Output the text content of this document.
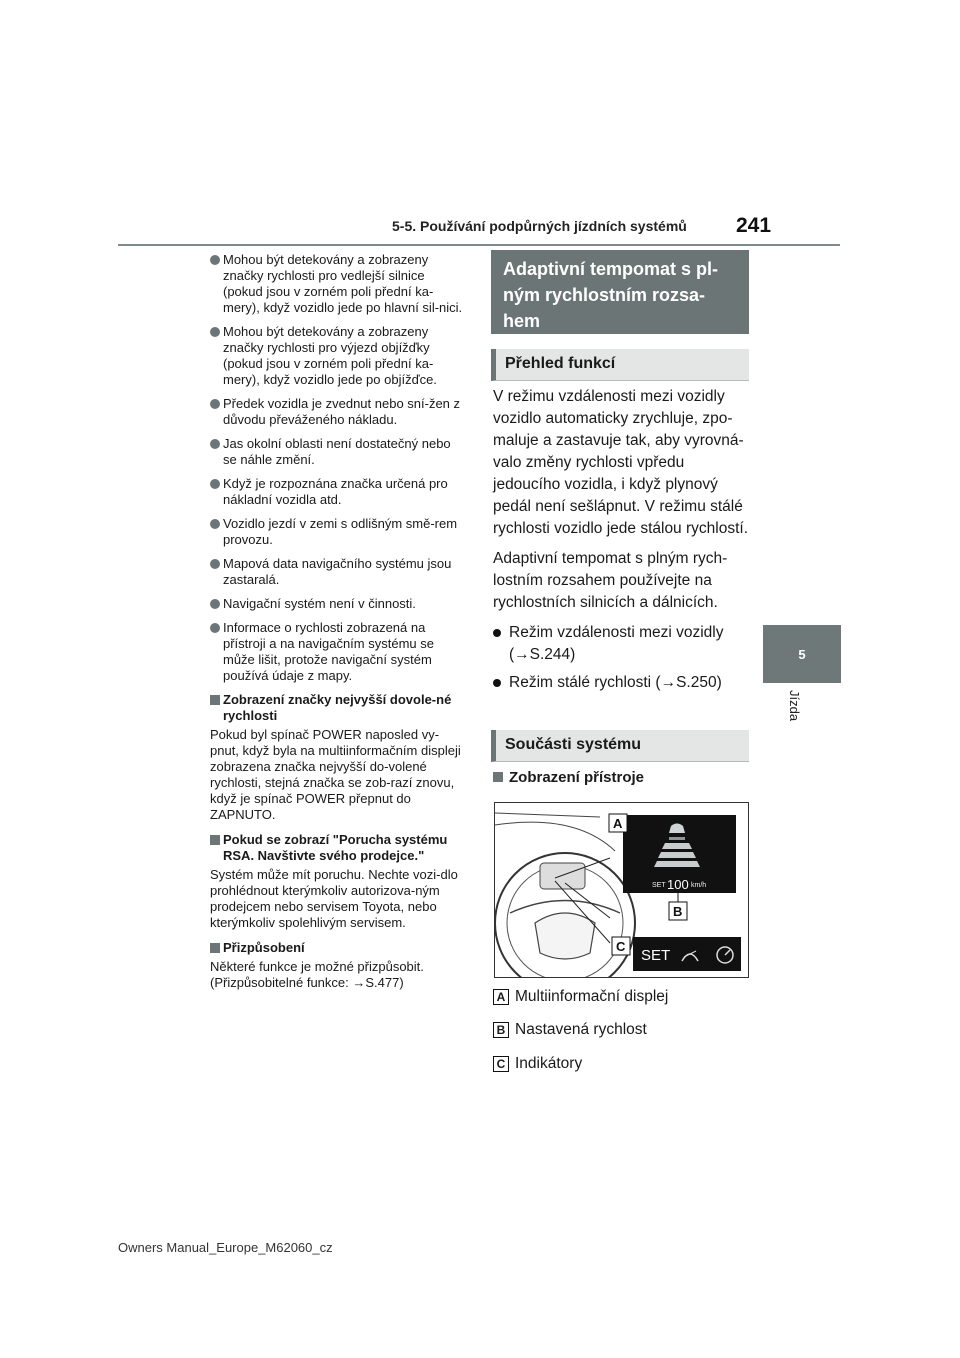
5-5. Používání podpůrných jízdních systémů 241
5
Jízda
Mohou být detekovány a zobrazeny značky rychlosti pro vedlejší silnice (pokud jsou v zorném poli přední ka-mery), když vozidlo jede po hlavní sil-nici.
Mohou být detekovány a zobrazeny značky rychlosti pro výjezd objížďky (pokud jsou v zorném poli přední ka-mery), když vozidlo jede po objížďce.
Předek vozidla je zvednut nebo sní-žen z důvodu převáženého nákladu.
Jas okolní oblasti není dostatečný nebo se náhle změní.
Když je rozpoznána značka určená pro nákladní vozidla atd.
Vozidlo jezdí v zemi s odlišným smě-rem provozu.
Mapová data navigačního systému jsou zastaralá.
Navigační systém není v činnosti.
Informace o rychlosti zobrazená na přístroji a na navigačním systému se může lišit, protože navigační systém používá údaje z mapy.
Zobrazení značky nejvyšší dovole-né rychlosti
Pokud byl spínač POWER naposled vy-pnut, když byla na multiinformačním displeji zobrazena značka nejvyšší do-volené rychlosti, stejná značka se zob-razí znovu, když je spínač POWER přepnut do ZAPNUTO.
Pokud se zobrazí "Porucha systému RSA. Navštivte svého prodejce."
Systém může mít poruchu. Nechte vozi-dlo prohlédnout kterýmkoliv autorizova-ným prodejcem nebo servisem Toyota, nebo kterýmkoliv spolehlivým servisem.
Přizpůsobení
Některé funkce je možné přizpůsobit. (Přizpůsobitelné funkce: →S.477)
Adaptivní tempomat s pl-ným rychlostním rozsa-hem
Přehled funkcí

V režimu vzdálenosti mezi vozidly vozidlo automaticky zrychluje, zpo-maluje a zastavuje tak, aby vyrovná-valo změny rychlosti vpředu jedoucího vozidla, i když plynový pedál není sešlápnut. V režimu stálé rychlosti vozidlo jede stálou rychlostí.

Adaptivní tempomat s plným rych-lostním rozsahem používejte na rychlostních silnicích a dálnicích.

Režim vzdálenosti mezi vozidly (→S.244)
Režim stálé rychlosti (→S.250)
Součásti systému
Zobrazení přístroje
SET 100 km/h
SET
A
B
C
A Multiinformační displej
B Nastavená rychlost
C Indikátory
Owners Manual_Europe_M62060_cz
